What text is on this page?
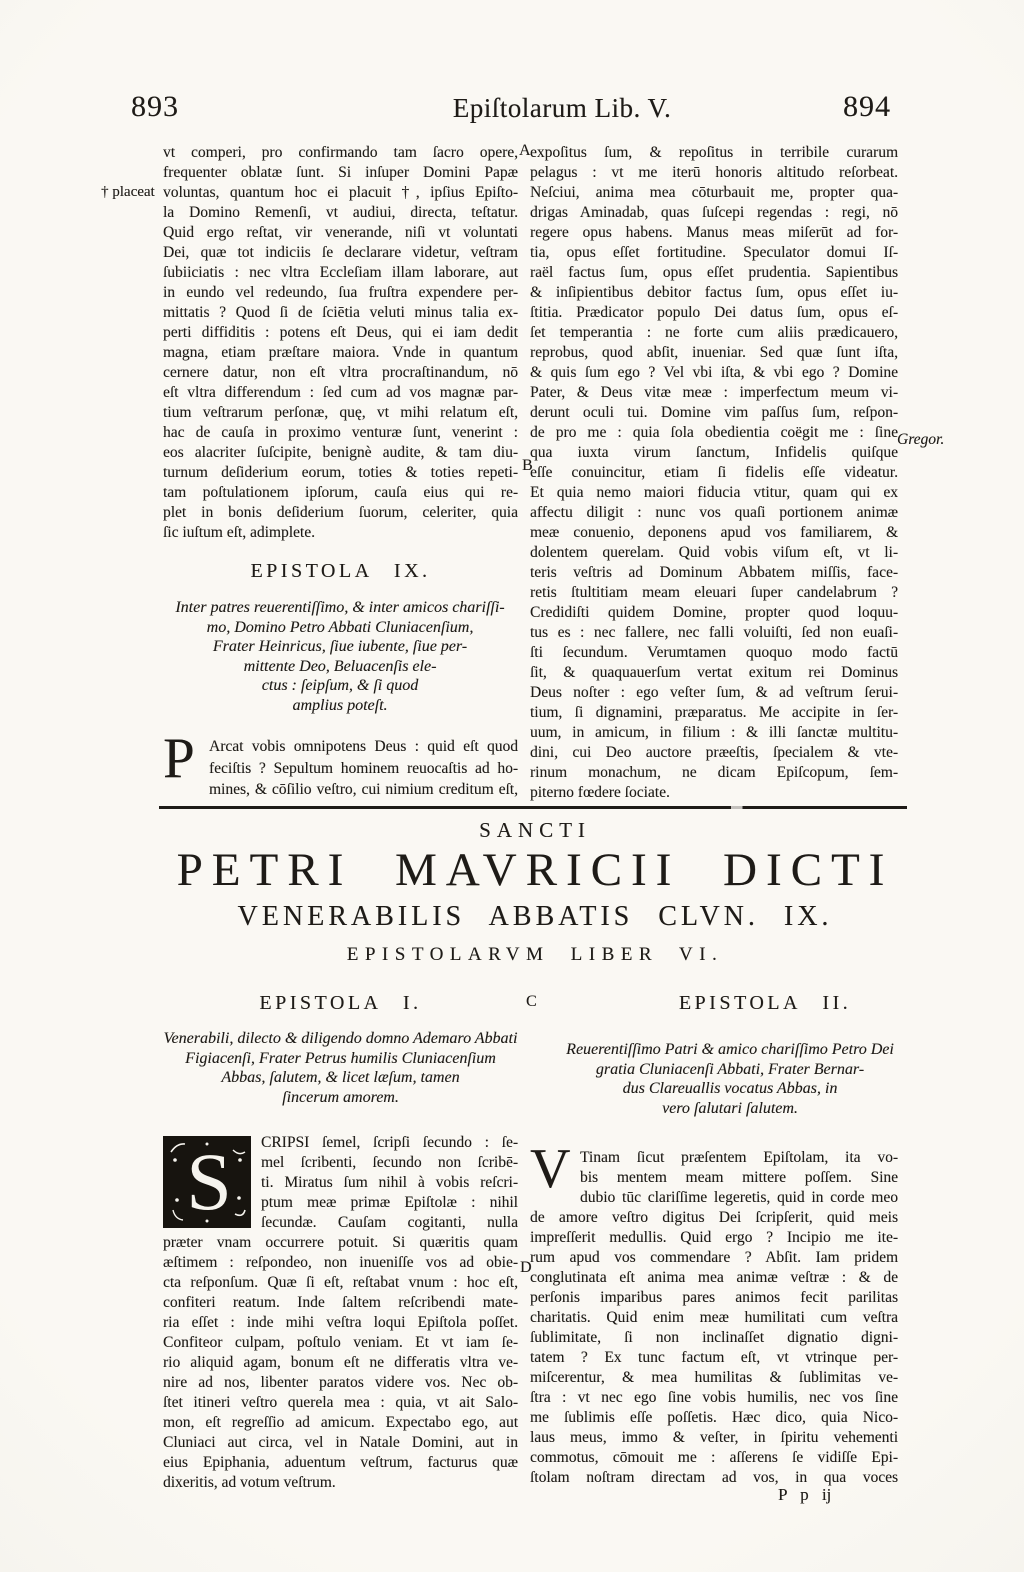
893	Epiſtolarum Lib. V.	894
† placeat
Gregor.
A
B
C
D
vt comperi, pro confirmando tam ſacro opere,
frequenter oblatæ ſunt. Si inſuper Domini Papæ
voluntas, quantum hoc ei placuit †, ipſius Epiſto-
la Domino Remenſi, vt audiui, directa, teſtatur.
Quid ergo reſtat, vir venerande, niſi vt voluntati
Dei, quæ tot indiciis ſe declarare videtur, veſtram
ſubiiciatis : nec vltra Eccleſiam illam laborare, aut
in eundo vel redeundo, ſua fruſtra expendere per-
mittatis ? Quod ſi de ſciētia veluti minus talia ex-
perti diffiditis : potens eſt Deus, qui ei iam dedit
magna, etiam præſtare maiora. Vnde in quantum
cernere datur, non eſt vltra procraſtinandum, nō
eſt vltra differendum : ſed cum ad vos magnæ par-
tium veſtrarum perſonæ, quę, vt mihi relatum eſt,
hac de cauſa in proximo venturæ ſunt, venerint :
eos alacriter ſuſcipite, benignè audite, & tam diu-
turnum deſiderium eorum, toties & toties repeti-
tam poſtulationem ipſorum, cauſa eius qui re-
plet in bonis deſiderium ſuorum, celeriter, quia
ſic iuſtum eſt, adimplete.
EPISTOLA IX.
Inter patres reuerentiſſimo, & inter amicos chariſſi-
mo, Domino Petro Abbati Cluniacenſium,
Frater Heinricus, ſiue iubente, ſiue per-
mittente Deo, Beluacenſis ele-
ctus : ſeipſum, & ſi quod
amplius poteſt.
P Arcat vobis omnipotens Deus : quid eſt quod
feciſtis ? Sepultum hominem reuocaſtis ad ho-
mines, & cōſilio veſtro, cui nimium creditum eſt,
expoſitus ſum, & repoſitus in terribile curarum
pelagus : vt me iterū honoris altitudo reſorbeat.
Neſciui, anima mea cōturbauit me, propter qua-
drigas Aminadab, quas ſuſcepi regendas : regi, nō
regere opus habens. Manus meas miſerūt ad for-
tia, opus eſſet fortitudine. Speculator domui Iſ-
raël factus ſum, opus eſſet prudentia. Sapientibus
& inſipientibus debitor factus ſum, opus eſſet iu-
ſtitia. Prædicator populo Dei datus ſum, opus eſ-
ſet temperantia : ne forte cum aliis prædicauero,
reprobus, quod abſit, inueniar. Sed quæ ſunt iſta,
& quis ſum ego ? Vel vbi iſta, & vbi ego ? Domine
Pater, & Deus vitæ meæ : imperfectum meum vi-
derunt oculi tui. Domine vim paſſus ſum, reſpon-
de pro me : quia ſola obedientia coëgit me : ſine
qua iuxta virum ſanctum, Infidelis quiſque
eſſe conuincitur, etiam ſi fidelis eſſe videatur.
Et quia nemo maiori fiducia vtitur, quam qui ex
affectu diligit : nunc vos quaſi portionem animæ
meæ conuenio, deponens apud vos familiarem, &
dolentem querelam. Quid vobis viſum eſt, vt li-
teris veſtris ad Dominum Abbatem miſſis, face-
retis ſtultitiam meam eleuari ſuper candelabrum ?
Credidiſti quidem Domine, propter quod loquu-
tus es : nec fallere, nec falli voluiſti, ſed non euaſi-
ſti ſecundum. Verumtamen quoquo modo factū
ſit, & quaquauerſum vertat exitum rei Dominus
Deus noſter : ego veſter ſum, & ad veſtrum ſerui-
tium, ſi dignamini, præparatus. Me accipite in ſer-
uum, in amicum, in filium : & illi ſanctæ multitu-
dini, cui Deo auctore præeſtis, ſpecialem & vte-
rinum monachum, ne dicam Epiſcopum, ſem-
piterno fœdere ſociate.
SANCTI
PETRI MAVRICII DICTI
VENERABILIS ABBATIS CLVN. IX.
EPISTOLARVM LIBER VI.
EPISTOLA I.	EPISTOLA II.
Venerabili, dilecto & diligendo domno Ademaro Abbati
Figiacenſi, Frater Petrus humilis Cluniacenſium
Abbas, ſalutem, & licet læſum, tamen
ſincerum amorem.
Reuerentiſſimo Patri & amico chariſſimo Petro Dei
gratia Cluniacenſi Abbati, Frater Bernar-
dus Clareuallis vocatus Abbas, in
vero ſalutari ſalutem.
S	CRIPSI ſemel, ſcripſi ſecundo : ſe-
mel ſcribenti, ſecundo non ſcribē-
ti. Miratus ſum nihil à vobis reſcri-
ptum meæ primæ Epiſtolæ : nihil
ſecundæ. Cauſam cogitanti, nulla
præter vnam occurrere potuit. Si quæritis quam
æſtimem : reſpondeo, non inueniſſe vos ad obie-
cta reſponſum. Quæ ſi eſt, reſtabat vnum : hoc eſt,
confiteri reatum. Inde ſaltem reſcribendi mate-
ria eſſet : inde mihi veſtra loqui Epiſtola poſſet.
Confiteor culpam, poſtulo veniam. Et vt iam ſe-
rio aliquid agam, bonum eſt ne differatis vltra ve-
nire ad nos, libenter paratos videre vos. Nec ob-
ſtet itineri veſtro querela mea : quia, vt ait Salo-
mon, eſt regreſſio ad amicum. Expectabo ego, aut
Cluniaci aut circa, vel in Natale Domini, aut in
eius Epiphania, aduentum veſtrum, facturus quæ
dixeritis, ad votum veſtrum.
V Tinam ſicut præſentem Epiſtolam, ita vo-
bis mentem meam mittere poſſem. Sine
dubio tūc clariſſime legeretis, quid in corde meo
de amore veſtro digitus Dei ſcripſerit, quid meis
impreſſerit medullis. Quid ergo ? Incipio me ite-
rum apud vos commendare ? Abſit. Iam pridem
conglutinata eſt anima mea animæ veſtræ : & de
perſonis imparibus pares animos fecit parilitas
charitatis. Quid enim meæ humilitati cum veſtra
ſublimitate, ſi non inclinaſſet dignatio digni-
tatem ? Ex tunc factum eſt, vt vtrinque per-
miſcerentur, & mea humilitas & ſublimitas ve-
ſtra : vt nec ego ſine vobis humilis, nec vos ſine
me ſublimis eſſe poſſetis. Hæc dico, quia Nico-
laus meus, immo & veſter, in ſpiritu vehementi
commotus, cōmouit me : aſſerens ſe vidiſſe Epi-
ſtolam noſtram directam ad vos, in qua voces
P p ij
